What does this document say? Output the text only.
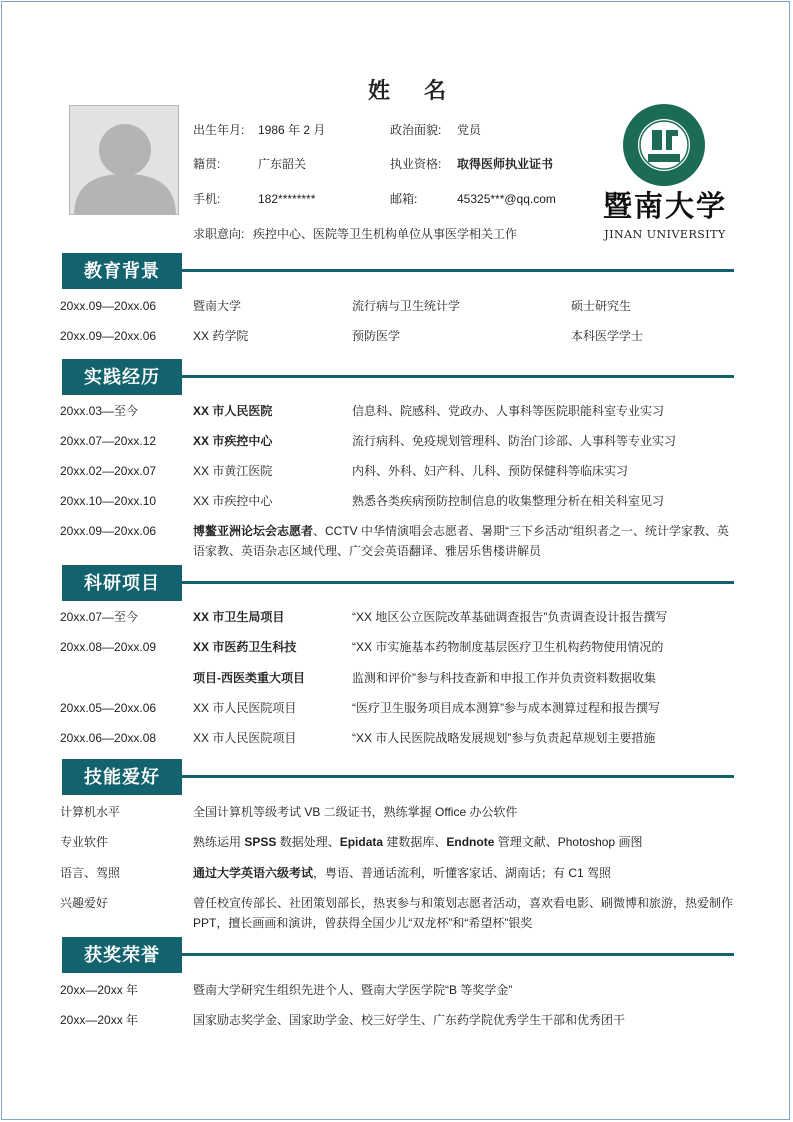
姓名
出生年月: 1986 年 2 月	政治面貌: 党员
籍贯:	广东韶关	执业资格: 取得医师执业证书
手机:	182********	邮箱:	45325***@qq.com
求职意向: 疾控中心、医院等卫生机构单位从事医学相关工作
暨南大学
JINAN UNIVERSITY
教育背景
20xx.09—20xx.06	暨南大学	流行病与卫生统计学	硕士研究生
20xx.09—20xx.06	XX 药学院	预防医学	本科医学学士
实践经历
20xx.03—至今	XX 市人民医院	信息科、院感科、党政办、人事科等医院职能科室专业实习
20xx.07—20xx.12	XX 市疾控中心	流行病科、免疫规划管理科、防治门诊部、人事科等专业实习
20xx.02—20xx.07	XX 市黄江医院	内科、外科、妇产科、儿科、预防保健科等临床实习
20xx.10—20xx.10	XX 市疾控中心	熟悉各类疾病预防控制信息的收集整理分析在相关科室见习
20xx.09—20xx.06	博鳌亚洲论坛会志愿者、CCTV 中华情演唱会志愿者、暑期“三下乡活动”组织者之一、统计学家教、英语家教、英语杂志区域代理、广交会英语翻译、雅居乐售楼讲解员
科研项目
20xx.07—至今	XX 市卫生局项目	“XX 地区公立医院改革基础调查报告”负责调查设计报告撰写
20xx.08—20xx.09	XX 市医药卫生科技	“XX 市实施基本药物制度基层医疗卫生机构药物使用情况的
项目-西医类重大项目	监测和评价”参与科技查新和申报工作并负责资料数据收集
20xx.05—20xx.06	XX 市人民医院项目	“医疗卫生服务项目成本测算”参与成本测算过程和报告撰写
20xx.06—20xx.08	XX 市人民医院项目	“XX 市人民医院战略发展规划”参与负责起草规划主要措施
技能爱好
计算机水平	全国计算机等级考试 VB 二级证书，熟练掌握 Office 办公软件
专业软件	熟练运用 SPSS 数据处理、Epidata 建数据库、Endnote 管理文献、Photoshop 画图
语言、驾照	通过大学英语六级考试，粤语、普通话流利，听懂客家话、湖南话；有 C1 驾照
兴趣爱好	曾任校宣传部长、社团策划部长，热衷参与和策划志愿者活动，喜欢看电影、刷微博和旅游，热爱制作 PPT，擅长画画和演讲，曾获得全国少儿“双龙杯”和“希望杯”银奖
获奖荣誉
20xx—20xx 年	暨南大学研究生组织先进个人、暨南大学医学院“B 等奖学金”
20xx—20xx 年	国家励志奖学金、国家助学金、校三好学生、广东药学院优秀学生干部和优秀团干
